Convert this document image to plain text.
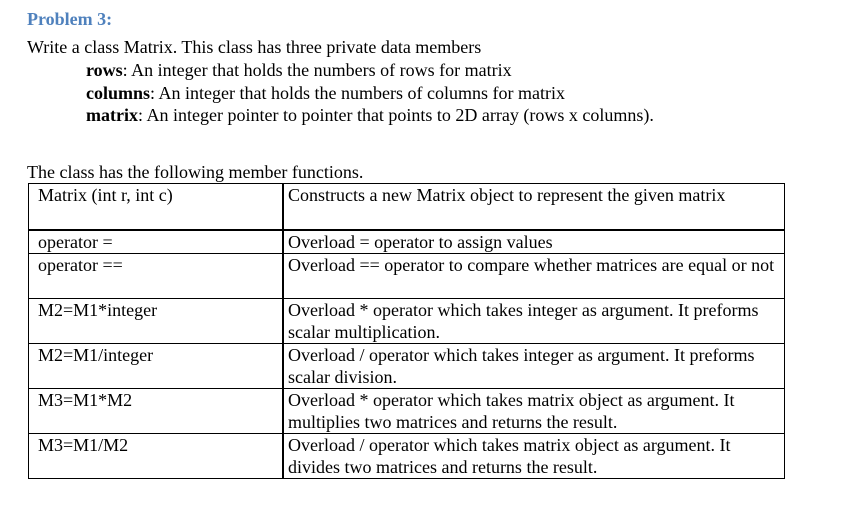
Problem 3:
Write a class Matrix. This class has three private data members
rows: An integer that holds the numbers of rows for matrix
columns: An integer that holds the numbers of columns for matrix
matrix: An integer pointer to pointer that points to 2D array (rows x columns).
The class has the following member functions.
Matrix (int r, int c)	Constructs a new Matrix object to represent the given matrix
operator =	Overload = operator to assign values
operator ==	Overload == operator to compare whether matrices are equal or not
M2=M1*integer	Overload * operator which takes integer as argument. It preforms scalar multiplication.
M2=M1/integer	Overload / operator which takes integer as argument. It preforms scalar division.
M3=M1*M2	Overload * operator which takes matrix object as argument. It multiplies two matrices and returns the result.
M3=M1/M2	Overload / operator which takes matrix object as argument. It divides two matrices and returns the result.
